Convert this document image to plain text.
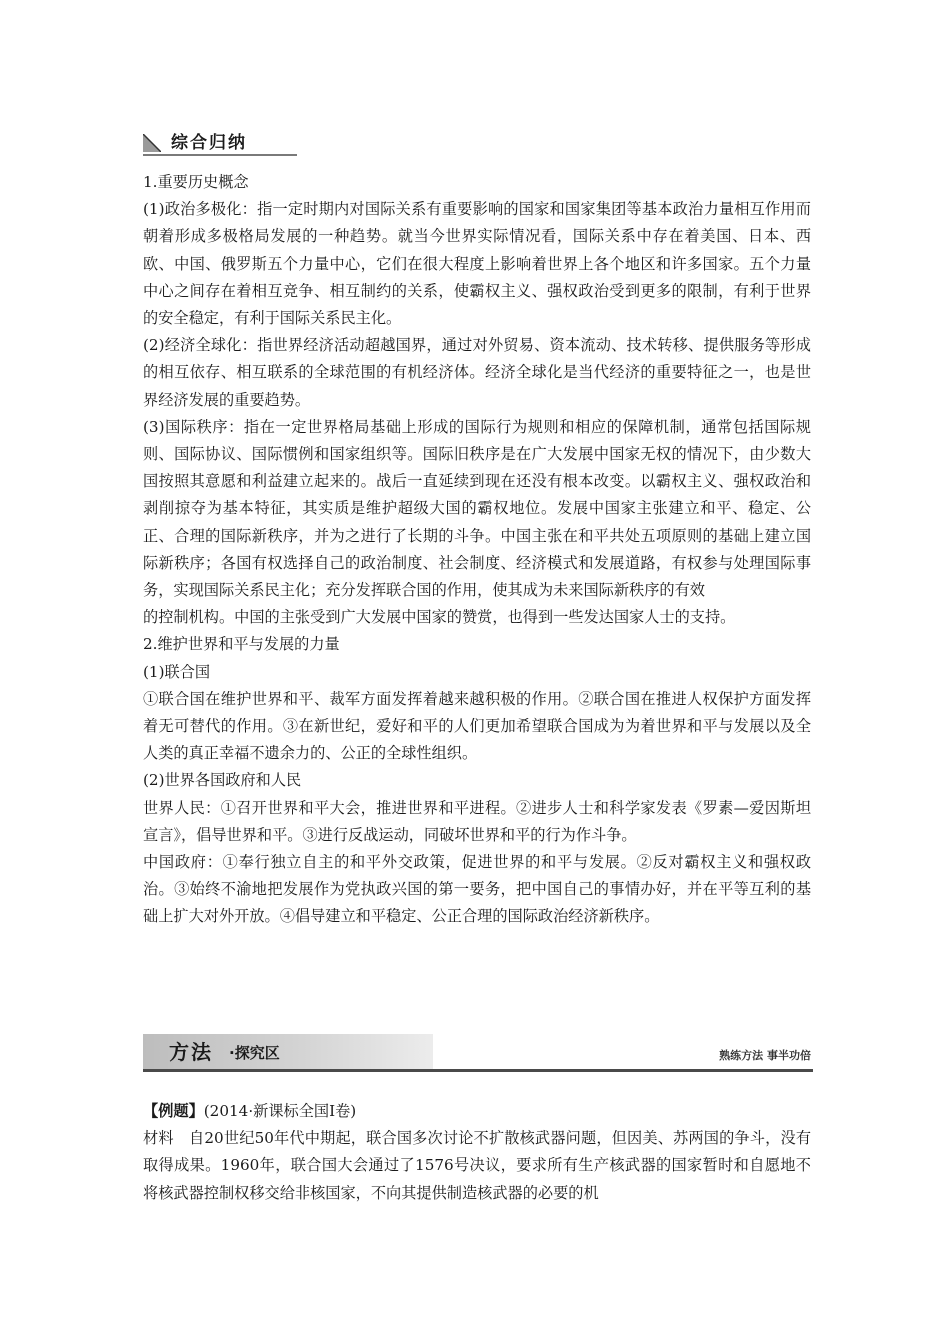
综合归纳

1.重要历史概念

(1)政治多极化：指一定时期内对国际关系有重要影响的国家和国家集团等基本政治力量相互作用而朝着形成多极格局发展的一种趋势。就当今世界实际情况看，国际关系中存在着美国、日本、西欧、中国、俄罗斯五个力量中心，它们在很大程度上影响着世界上各个地区和许多国家。五个力量中心之间存在着相互竞争、相互制约的关系，使霸权主义、强权政治受到更多的限制，有利于世界的安全稳定，有利于国际关系民主化。

(2)经济全球化：指世界经济活动超越国界，通过对外贸易、资本流动、技术转移、提供服务等形成的相互依存、相互联系的全球范围的有机经济体。经济全球化是当代经济的重要特征之一，也是世界经济发展的重要趋势。

(3)国际秩序：指在一定世界格局基础上形成的国际行为规则和相应的保障机制，通常包括国际规则、国际协议、国际惯例和国家组织等。国际旧秩序是在广大发展中国家无权的情况下，由少数大国按照其意愿和利益建立起来的。战后一直延续到现在还没有根本改变。以霸权主义、强权政治和剥削掠夺为基本特征，其实质是维护超级大国的霸权地位。发展中国家主张建立和平、稳定、公正、合理的国际新秩序，并为之进行了长期的斗争。中国主张在和平共处五项原则的基础上建立国际新秩序；各国有权选择自己的政治制度、社会制度、经济模式和发展道路，有权参与处理国际事务，实现国际关系民主化；充分发挥联合国的作用，使其成为未来国际新秩序的有效

的控制机构。中国的主张受到广大发展中国家的赞赏，也得到一些发达国家人士的支持。

2.维护世界和平与发展的力量

(1)联合国

①联合国在维护世界和平、裁军方面发挥着越来越积极的作用。②联合国在推进人权保护方面发挥着无可替代的作用。③在新世纪，爱好和平的人们更加希望联合国成为为着世界和平与发展以及全人类的真正幸福不遗余力的、公正的全球性组织。

(2)世界各国政府和人民

世界人民：①召开世界和平大会，推进世界和平进程。②进步人士和科学家发表《罗素—爱因斯坦宣言》，倡导世界和平。③进行反战运动，同破坏世界和平的行为作斗争。

中国政府：①奉行独立自主的和平外交政策，促进世界的和平与发展。②反对霸权主义和强权政治。③始终不渝地把发展作为党执政兴国的第一要务，把中国自己的事情办好，并在平等互利的基础上扩大对外开放。④倡导建立和平稳定、公正合理的国际政治经济新秩序。

方法 ·探究区	熟练方法 事半功倍

【例题】(2014·新课标全国Ⅰ卷)

材料  自20世纪50年代中期起，联合国多次讨论不扩散核武器问题，但因美、苏两国的争斗，没有取得成果。1960年，联合国大会通过了1576号决议，要求所有生产核武器的国家暂时和自愿地不将核武器控制权移交给非核国家，不向其提供制造核武器的必要的机
